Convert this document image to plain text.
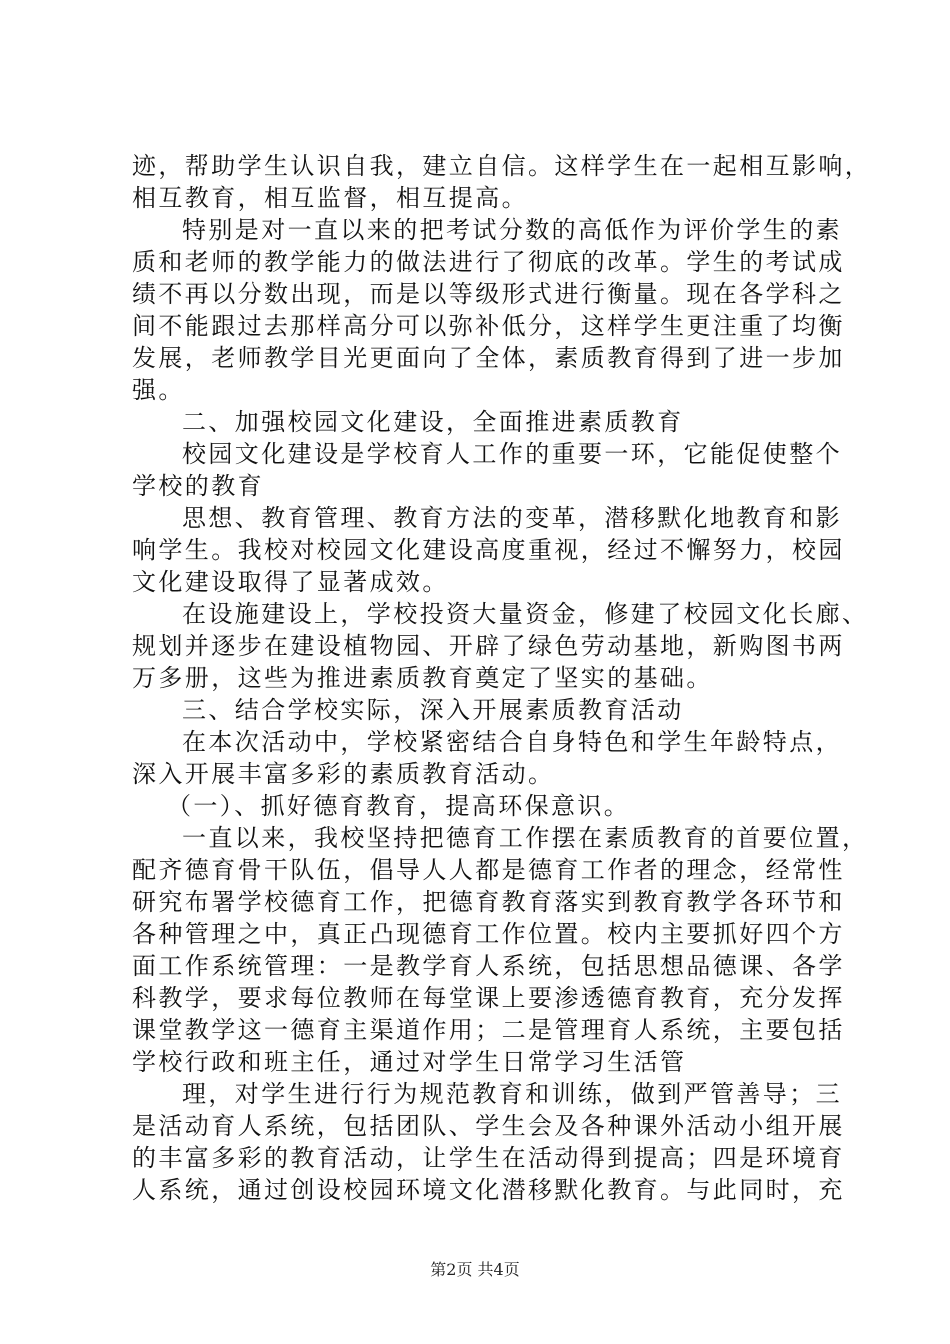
迹，帮助学生认识自我，建立自信。这样学生在一起相互影响，
相互教育，相互监督，相互提高。
特别是对一直以来的把考试分数的高低作为评价学生的素
质和老师的教学能力的做法进行了彻底的改革。学生的考试成
绩不再以分数出现，而是以等级形式进行衡量。现在各学科之
间不能跟过去那样高分可以弥补低分，这样学生更注重了均衡
发展，老师教学目光更面向了全体，素质教育得到了进一步加
强。
二、加强校园文化建设，全面推进素质教育
校园文化建设是学校育人工作的重要一环，它能促使整个
学校的教育
思想、教育管理、教育方法的变革，潜移默化地教育和影
响学生。我校对校园文化建设高度重视，经过不懈努力，校园
文化建设取得了显著成效。
在设施建设上，学校投资大量资金，修建了校园文化长廊、
规划并逐步在建设植物园、开辟了绿色劳动基地，新购图书两
万多册，这些为推进素质教育奠定了坚实的基础。
三、结合学校实际，深入开展素质教育活动
在本次活动中，学校紧密结合自身特色和学生年龄特点，
深入开展丰富多彩的素质教育活动。
（一）、抓好德育教育，提高环保意识。
一直以来，我校坚持把德育工作摆在素质教育的首要位置，
配齐德育骨干队伍，倡导人人都是德育工作者的理念，经常性
研究布署学校德育工作，把德育教育落实到教育教学各环节和
各种管理之中，真正凸现德育工作位置。校内主要抓好四个方
面工作系统管理：一是教学育人系统，包括思想品德课、各学
科教学，要求每位教师在每堂课上要渗透德育教育，充分发挥
课堂教学这一德育主渠道作用；二是管理育人系统，主要包括
学校行政和班主任，通过对学生日常学习生活管
理，对学生进行行为规范教育和训练，做到严管善导；三
是活动育人系统，包括团队、学生会及各种课外活动小组开展
的丰富多彩的教育活动，让学生在活动得到提高；四是环境育
人系统，通过创设校园环境文化潜移默化教育。与此同时，充
第2页 共4页
